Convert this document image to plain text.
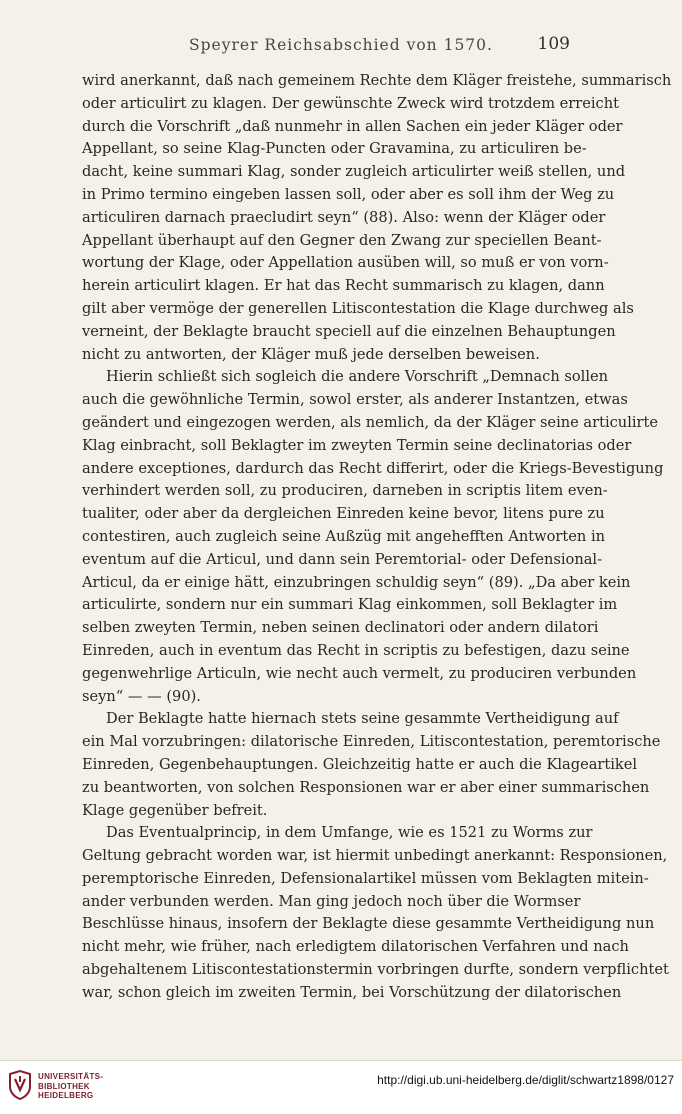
Speyrer Reichsabschied von 1570.	109
wird anerkannt, daß nach gemeinem Rechte dem Kläger freistehe, summarisch
oder articulirt zu klagen. Der gewünschte Zweck wird trotzdem erreicht
durch die Vorschrift „daß nunmehr in allen Sachen ein jeder Kläger oder
Appellant, so seine Klag-Puncten oder Gravamina, zu articuliren be-
dacht, keine summari Klag, sonder zugleich articulirter weiß stellen, und
in Primo termino eingeben lassen soll, oder aber es soll ihm der Weg zu
articuliren darnach praecludirt seyn“ (88). Also: wenn der Kläger oder
Appellant überhaupt auf den Gegner den Zwang zur speciellen Beant-
wortung der Klage, oder Appellation ausüben will, so muß er von vorn-
herein articulirt klagen. Er hat das Recht summarisch zu klagen, dann
gilt aber vermöge der generellen Litiscontestation die Klage durchweg als
verneint, der Beklagte braucht speciell auf die einzelnen Behauptungen
nicht zu antworten, der Kläger muß jede derselben beweisen.
Hierin schließt sich sogleich die andere Vorschrift „Demnach sollen
auch die gewöhnliche Termin, sowol erster, als anderer Instantzen, etwas
geändert und eingezogen werden, als nemlich, da der Kläger seine articulirte
Klag einbracht, soll Beklagter im zweyten Termin seine declinatorias oder
andere exceptiones, dardurch das Recht differirt, oder die Kriegs-Bevestigung
verhindert werden soll, zu produciren, darneben in scriptis litem even-
tualiter, oder aber da dergleichen Einreden keine bevor, litens pure zu
contestiren, auch zugleich seine Außzüg mit angehefften Antworten in
eventum auf die Articul, und dann sein Peremtorial- oder Defensional-
Articul, da er einige hätt, einzubringen schuldig seyn“ (89). „Da aber kein
articulirte, sondern nur ein summari Klag einkommen, soll Beklagter im
selben zweyten Termin, neben seinen declinatori oder andern dilatori
Einreden, auch in eventum das Recht in scriptis zu befestigen, dazu seine
gegenwehrlige Articuln, wie necht auch vermelt, zu produciren verbunden
seyn“ — — (90).
Der Beklagte hatte hiernach stets seine gesammte Vertheidigung auf
ein Mal vorzubringen: dilatorische Einreden, Litiscontestation, peremtorische
Einreden, Gegenbehauptungen. Gleichzeitig hatte er auch die Klageartikel
zu beantworten, von solchen Responsionen war er aber einer summarischen
Klage gegenüber befreit.
Das Eventualprincip, in dem Umfange, wie es 1521 zu Worms zur
Geltung gebracht worden war, ist hiermit unbedingt anerkannt: Responsionen,
peremptorische Einreden, Defensionalartikel müssen vom Beklagten mitein-
ander verbunden werden. Man ging jedoch noch über die Wormser
Beschlüsse hinaus, insofern der Beklagte diese gesammte Vertheidigung nun
nicht mehr, wie früher, nach erledigtem dilatorischen Verfahren und nach
abgehaltenem Litiscontestationstermin vorbringen durfte, sondern verpflichtet
war, schon gleich im zweiten Termin, bei Vorschützung der dilatorischen
UNIVERSITÄTS-
BIBLIOTHEK
HEIDELBERG
http://digi.ub.uni-heidelberg.de/diglit/schwartz1898/0127
